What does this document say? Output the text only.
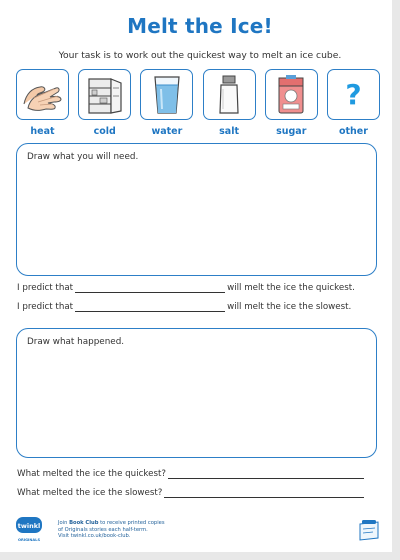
Melt the Ice!
Your task is to work out the quickest way to melt an ice cube.
heat	cold	water	salt	sugar
?
other
Draw what you will need.
I predict that	will melt the ice the quickest.
I predict that	will melt the ice the slowest.
Draw what happened.
What melted the ice the quickest?
What melted the ice the slowest?
twinkl
ORIGINALS
Join Book Club to receive printed copies
of Originals stories each half-term.
Visit twinkl.co.uk/book-club.
